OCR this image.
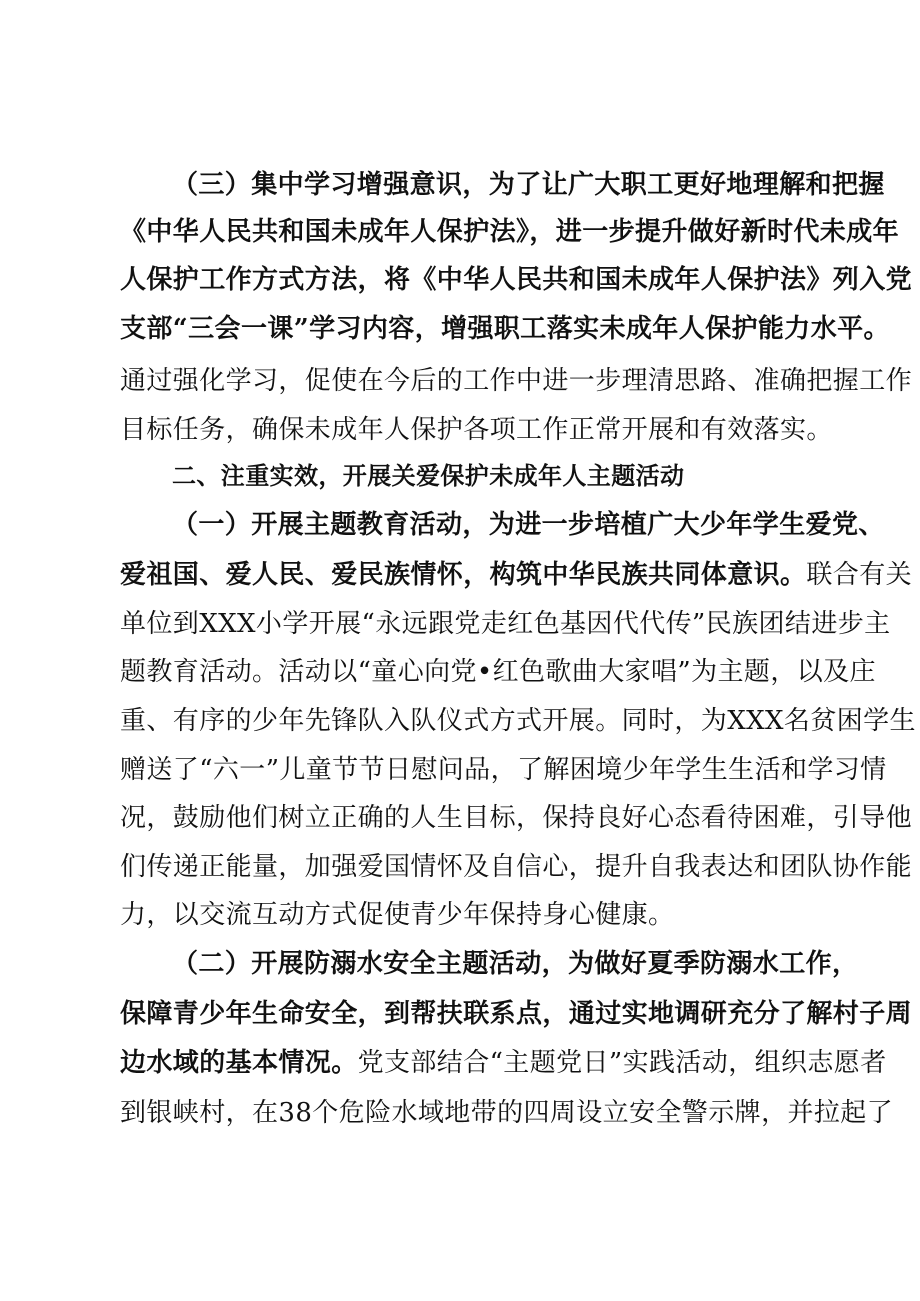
（三）集中学习增强意识，为了让广大职工更好地理解和把握
《中华人民共和国未成年人保护法》，进一步提升做好新时代未成年
人保护工作方式方法，将《中华人民共和国未成年人保护法》列入党
支部“三会一课”学习内容，增强职工落实未成年人保护能力水平。
通过强化学习，促使在今后的工作中进一步理清思路、准确把握工作
目标任务，确保未成年人保护各项工作正常开展和有效落实。
二、注重实效，开展关爱保护未成年人主题活动
（一）开展主题教育活动，为进一步培植广大少年学生爱党、
爱祖国、爱人民、爱民族情怀，构筑中华民族共同体意识。联合有关
单位到XXX小学开展“永远跟党走红色基因代代传”民族团结进步主
题教育活动。活动以“童心向党•红色歌曲大家唱”为主题，以及庄
重、有序的少年先锋队入队仪式方式开展。同时，为XXX名贫困学生
赠送了“六一”儿童节节日慰问品，了解困境少年学生生活和学习情
况，鼓励他们树立正确的人生目标，保持良好心态看待困难，引导他
们传递正能量，加强爱国情怀及自信心，提升自我表达和团队协作能
力，以交流互动方式促使青少年保持身心健康。
（二）开展防溺水安全主题活动，为做好夏季防溺水工作，
保障青少年生命安全，到帮扶联系点，通过实地调研充分了解村子周
边水域的基本情况。党支部结合“主题党日”实践活动，组织志愿者
到银峡村，在38个危险水域地带的四周设立安全警示牌，并拉起了
